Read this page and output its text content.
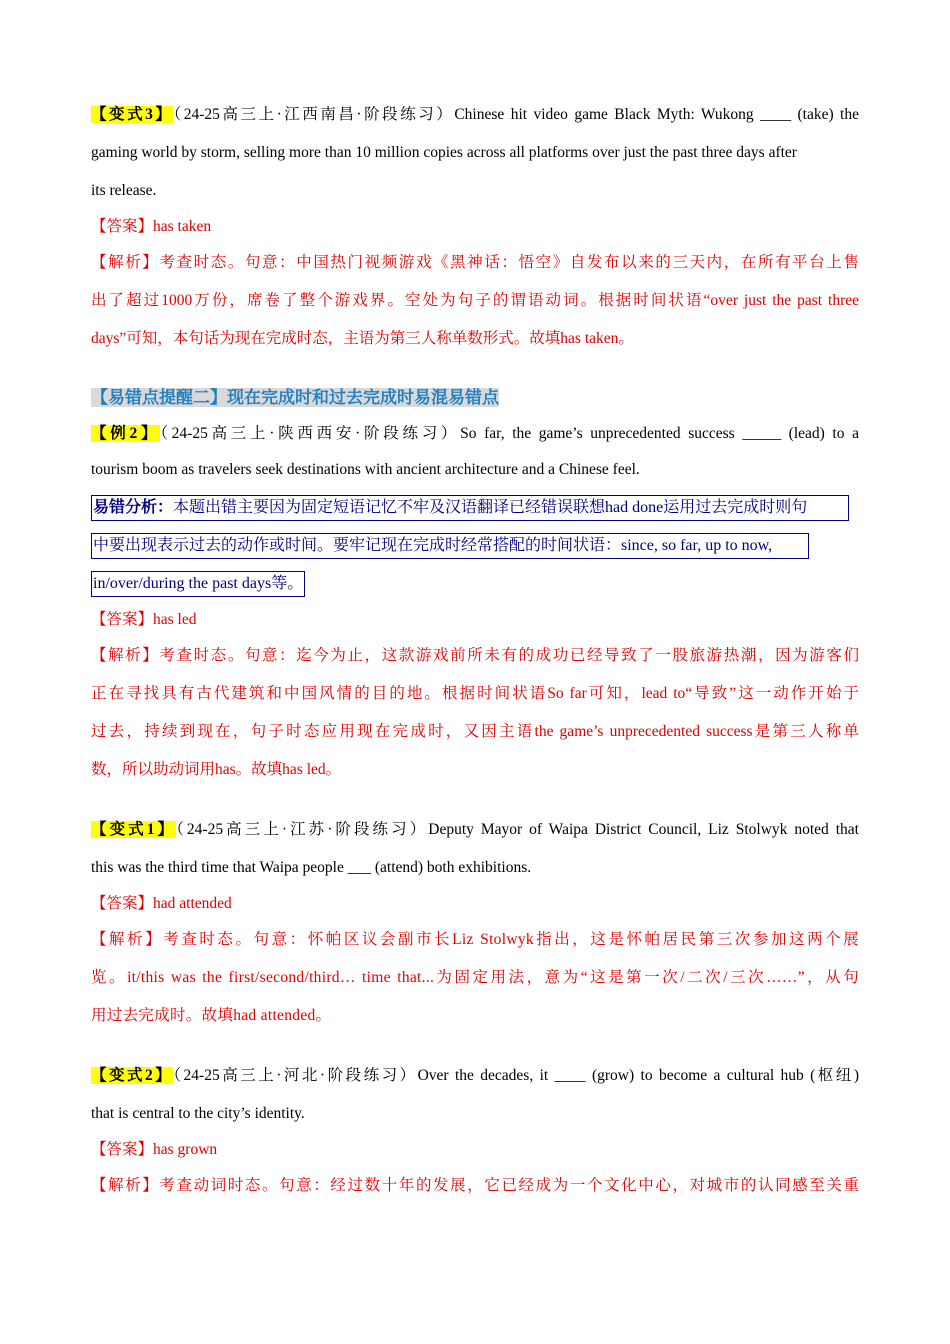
【变式3】（24-25高三上·江西南昌·阶段练习）Chinese hit video game Black Myth: Wukong ____ (take) the
gaming world by storm, selling more than 10 million copies across all platforms over just the past three days after
its release.
【答案】has taken
【解析】考查时态。句意：中国热门视频游戏《黑神话：悟空》自发布以来的三天内，在所有平台上售
出了超过1000万份，席卷了整个游戏界。空处为句子的谓语动词。根据时间状语“over just the past three
days”可知，本句话为现在完成时态，主语为第三人称单数形式。故填has taken。
【易错点提醒二】现在完成时和过去完成时易混易错点
【例2】（24-25高三上·陕西西安·阶段练习）So far, the game’s unprecedented success _____ (lead) to a
tourism boom as travelers seek destinations with ancient architecture and a Chinese feel.
易错分析：本题出错主要因为固定短语记忆不牢及汉语翻译已经错误联想had done运用过去完成时则句
中要出现表示过去的动作或时间。要牢记现在完成时经常搭配的时间状语：since, so far, up to now,
in/over/during the past days等。
【答案】has led
【解析】考查时态。句意：迄今为止，这款游戏前所未有的成功已经导致了一股旅游热潮，因为游客们
正在寻找具有古代建筑和中国风情的目的地。根据时间状语So far可知，lead to“导致”这一动作开始于
过去，持续到现在，句子时态应用现在完成时，又因主语the game’s unprecedented success是第三人称单
数，所以助动词用has。故填has led。
【变式1】（24-25高三上·江苏·阶段练习）Deputy Mayor of Waipa District Council, Liz Stolwyk noted that
this was the third time that Waipa people ___ (attend) both exhibitions.
【答案】had attended
【解析】考查时态。句意：怀帕区议会副市长Liz Stolwyk指出，这是怀帕居民第三次参加这两个展
览。it/this was the first/second/third… time that...为固定用法，意为“这是第一次/二次/三次……”，从句
用过去完成时。故填had attended。
【变式2】（24-25高三上·河北·阶段练习）Over the decades, it ____ (grow) to become a cultural hub (枢纽)
that is central to the city’s identity.
【答案】has grown
【解析】考查动词时态。句意：经过数十年的发展，它已经成为一个文化中心，对城市的认同感至关重
